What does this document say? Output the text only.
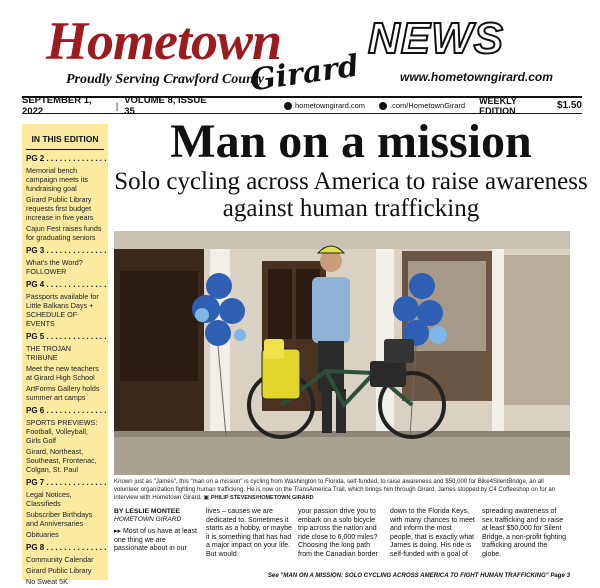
Hometown NEWS
Proudly Serving Crawford County
Girard	www.hometowngirard.com
SEPTEMBER 1, 2022	| VOLUME 8, ISSUE 35	hometowngirard.com	.com/HometownGirard WEEKLY EDITION	$1.50
IN THIS EDITION
PG 2 . . . . . . . . . . . . . .
Memorial bench campaign meets its fundraising goal
Girard Public Library requests first budget increase in five years
Cajun Fest raises funds for graduating seniors
PG 3 . . . . . . . . . . . . . .
What's the Word? FOLLOWER
PG 4 . . . . . . . . . . . . . .
Passports available for Little Balkans Days + SCHEDULE OF EVENTS
PG 5 . . . . . . . . . . . . . .
THE TROJAN TRIBUNE
Meet the new teachers at Girard High School
ArtForms Gallery holds summer art camps
PG 6 . . . . . . . . . . . . . .
SPORTS PREVIEWS: Football, Volleyball, Girls Golf
Girard, Northeast, Southeast, Frontenac, Colgan, St. Paul
PG 7 . . . . . . . . . . . . . .
Legal Notices, Classifieds
Subscriber Birthdays and Anniversaries
Obituaries
PG 8 . . . . . . . . . . . . . .
Community Calendar
Girard Public Library
No Sweat 5K
Man on a mission
Solo cycling across America to raise awareness against human trafficking
Known just as "James", this "man on a mission" is cycling from Washington to Florida, self-funded, to raise awareness and $50,000 for Bike4SilentBridge, an all volunteer organization fighting human trafficking. He is now on the TransAmerica Trail, which brings him through Girard. James stopped by C4 Coffeeshop on for an interview with Hometown Girard. ▣ PHILIP STEVENS/HOMETOWN GIRARD
BY LESLIE MONTEE
HOMETOWN GIRARD
▸▸ Most of us have at least one thing we are passionate about in our
lives – causes we are dedicated to. Sometimes it starts as a hobby, or maybe it is something that has had a major impact on your life. But would
your passion drive you to embark on a solo bicycle trip across the nation and ride close to 6,000 miles? Choosing the long path from the Canadian border
down to the Florida Keys, with many chances to meet and inform the most people, that is exactly what James is doing. His ride is self-funded with a goal of
spreading awareness of sex trafficking and to raise at least $50,000 for Silent Bridge, a non-profit fighting trafficking around the globe.
See "MAN ON A MISSION: SOLO CYCLING ACROSS AMERICA TO FIGHT HUMAN TRAFFICKING" Page 3
